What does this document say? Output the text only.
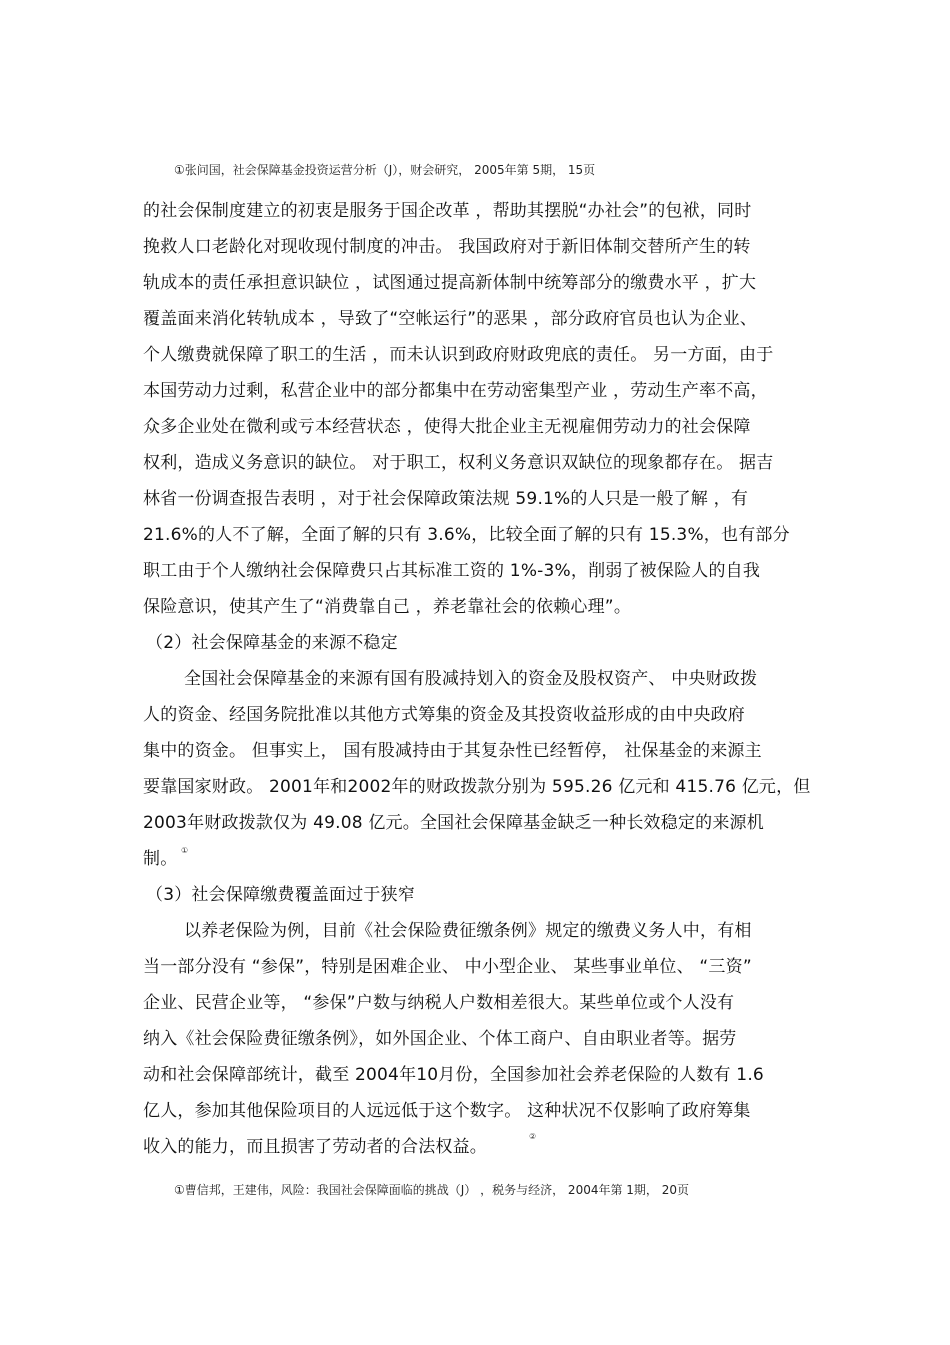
①张问国，社会保障基金投资运营分析（J），财会研究， 2005年第 5期， 15页
的社会保制度建立的初衷是服务于国企改革 ，帮助其摆脱“办社会”的包袱，同时
挽救人口老龄化对现收现付制度的冲击。 我国政府对于新旧体制交替所产生的转
轨成本的责任承担意识缺位 ，试图通过提高新体制中统筹部分的缴费水平 ，扩大
覆盖面来消化转轨成本 ，导致了“空帐运行”的恶果 ，部分政府官员也认为企业、
个人缴费就保障了职工的生活 ，而未认识到政府财政兜底的责任。 另一方面，由于
本国劳动力过剩，私营企业中的部分都集中在劳动密集型产业 ，劳动生产率不高，
众多企业处在微利或亏本经营状态 ，使得大批企业主无视雇佣劳动力的社会保障
权利，造成义务意识的缺位。 对于职工，权利义务意识双缺位的现象都存在。 据吉
林省一份调查报告表明 ，对于社会保障政策法规 59.1%的人只是一般了解 ，有
21.6%的人不了解，全面了解的只有 3.6%，比较全面了解的只有 15.3%，也有部分
职工由于个人缴纳社会保障费只占其标准工资的 1%-3%，削弱了被保险人的自我
保险意识，使其产生了“消费靠自己 ，养老靠社会的依赖心理”。
（2）社会保障基金的来源不稳定
全国社会保障基金的来源有国有股减持划入的资金及股权资产、 中央财政拨
人的资金、经国务院批准以其他方式筹集的资金及其投资收益形成的由中央政府
集中的资金。 但事实上， 国有股减持由于其复杂性已经暂停， 社保基金的来源主
要靠国家财政。 2001年和2002年的财政拨款分别为 595.26 亿元和 415.76 亿元，但
2003年财政拨款仅为 49.08 亿元。全国社会保障基金缺乏一种长效稳定的来源机
制。 ①
（3）社会保障缴费覆盖面过于狭窄
以养老保险为例，目前《社会保险费征缴条例》规定的缴费义务人中，有相
当一部分没有 “参保”，特别是困难企业、 中小型企业、 某些事业单位、 “三资”
企业、民营企业等， “参保”户数与纳税人户数相差很大。某些单位或个人没有
纳入《社会保险费征缴条例》，如外国企业、个体工商户、自由职业者等。据劳
动和社会保障部统计，截至 2004年10月份，全国参加社会养老保险的人数有 1.6
亿人，参加其他保险项目的人远远低于这个数字。 这种状况不仅影响了政府筹集
收入的能力，而且损害了劳动者的合法权益。
②
①曹信邦，王建伟，风险：我国社会保障面临的挑战（J） ，税务与经济， 2004年第 1期， 20页
